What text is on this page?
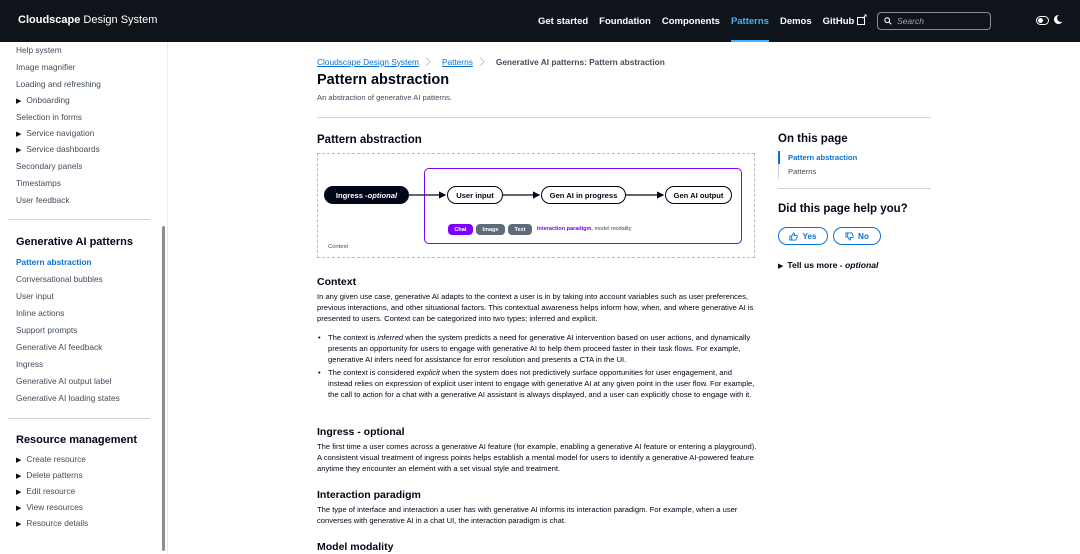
Cloudscape Design System	Get started Foundation Components Patterns Demos GitHub
↗
Search
Help system
Image magnifier
Loading and refreshing
▶ Onboarding
Selection in forms
▶ Service navigation
▶ Service dashboards
Secondary panels
Timestamps
User feedback
Generative AI patterns
Pattern abstraction
Conversational bubbles
User input
Inline actions
Support prompts
Generative AI feedback
Ingress
Generative AI output label
Generative AI loading states
Resource management
▶ Create resource
▶ Delete patterns
▶ Edit resource
▶ View resources
▶ Resource details
Cloudscape Design System 〉 Patterns 〉 Generative AI patterns: Pattern abstraction
Pattern abstraction
An abstraction of generative AI patterns.
Pattern abstraction
Ingress - optional	User input	Gen AI in progress	Gen AI output
Chat	Image	Text	Interaction paradigm, model modality
Context
Context
In any given use case, generative AI adapts to the context a user is in by taking into account variables such as user preferences, previous interactions, and other situational factors. This contextual awareness helps inform how, when, and where generative AI is presented to users. Context can be categorized into two types; inferred and explicit.
• The context is inferred when the system predicts a need for generative AI intervention based on user actions, and dynamically presents an opportunity for users to engage with generative AI to help them proceed faster in their task flows. For example, generative AI infers need for assistance for error resolution and presents a CTA in the UI.
• The context is considered explicit when the system does not predictively surface opportunities for user engagement, and instead relies on expression of explicit user intent to engage with generative AI at any given point in the user flow. For example, the call to action for a chat with a generative AI assistant is always displayed, and a user can explicitly chose to engage with it.
Ingress - optional
The first time a user comes across a generative AI feature (for example, enabling a generative AI feature or entering a playground). A consistent visual treatment of ingress points helps establish a mental model for users to identify a generative AI-powered feature anytime they encounter an element with a set visual style and treatment.
Interaction paradigm
The type of interface and interaction a user has with generative AI informs its interaction paradigm. For example, when a user converses with generative AI in a chat UI, the interaction paradigm is chat.
Model modality
On this page
Pattern abstraction
Patterns
Did this page help you?
Yes	No
▶ Tell us more - optional
